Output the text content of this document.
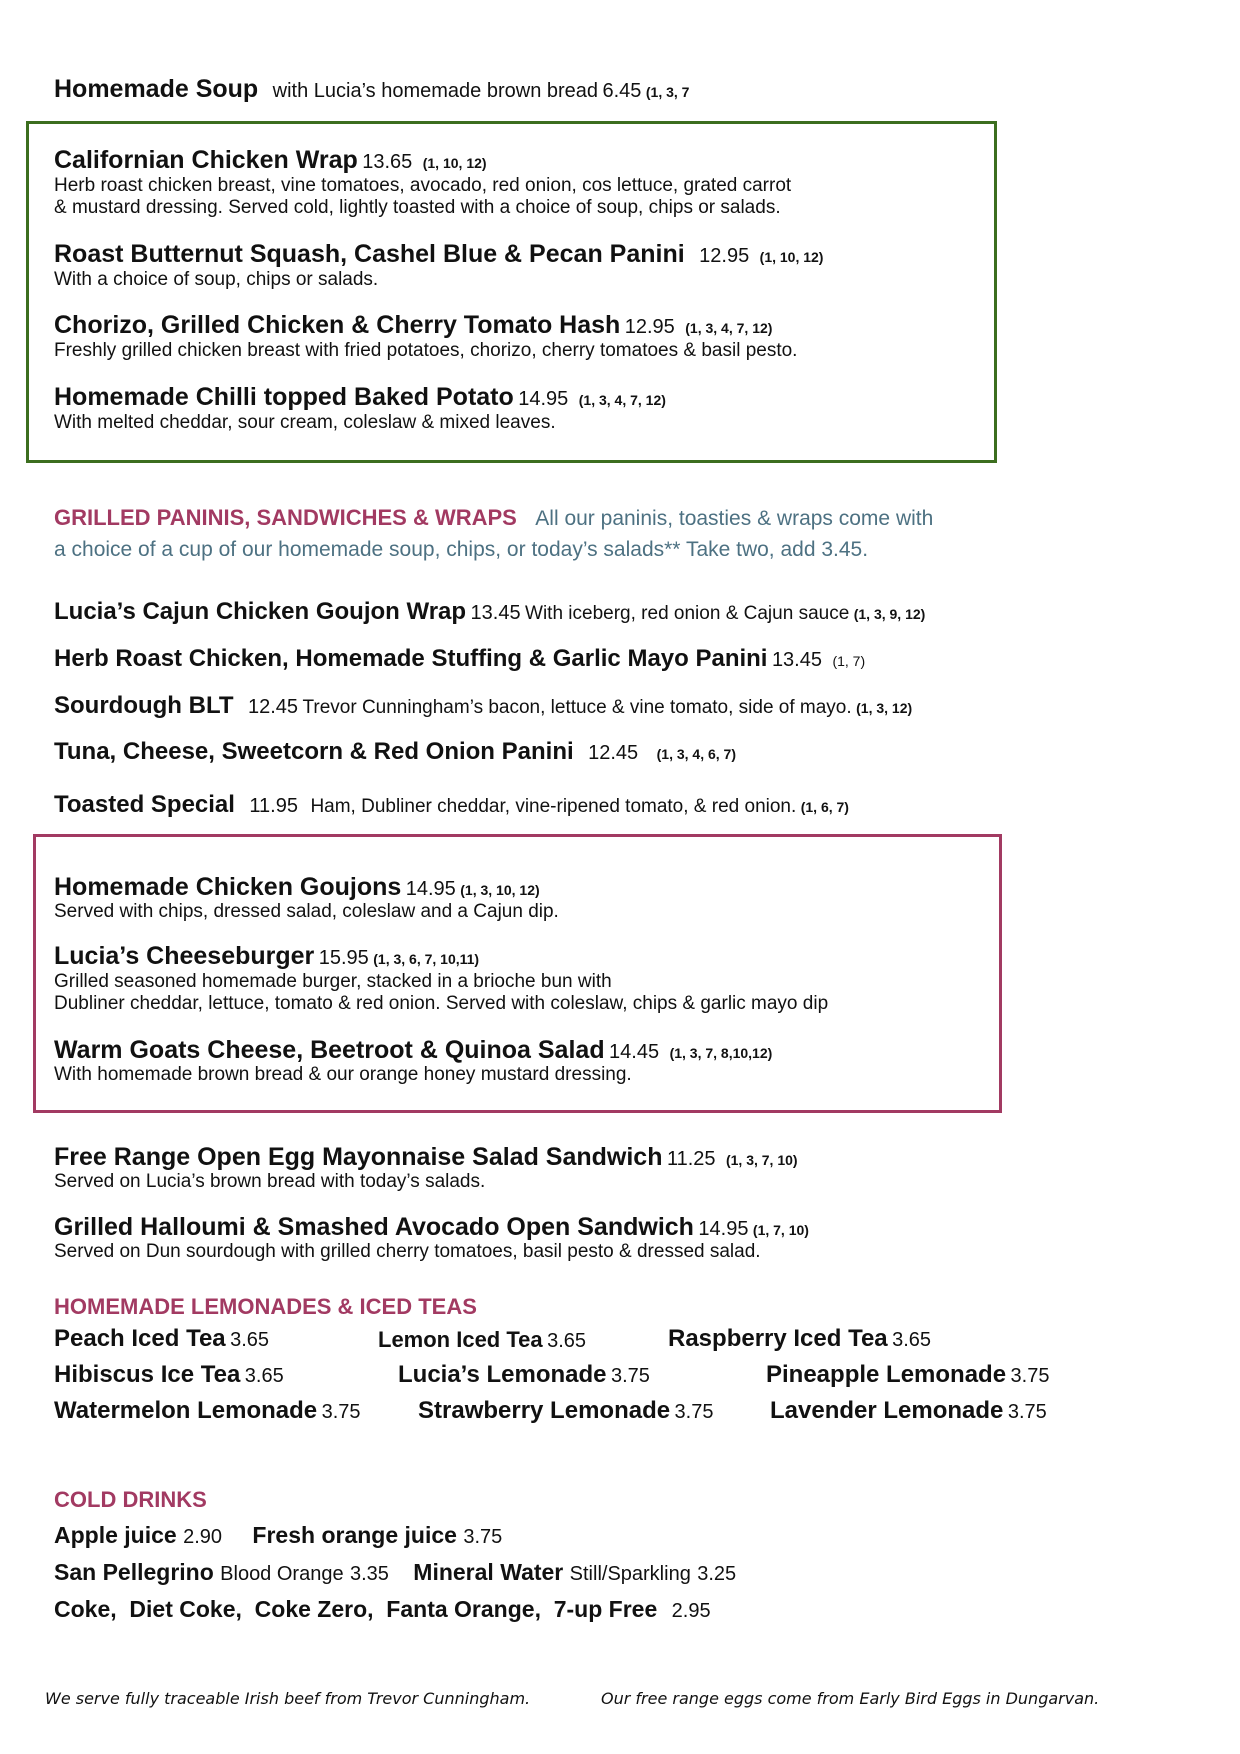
Homemade Soup with Lucia’s homemade brown bread 6.45 (1, 3, 7
Californian Chicken Wrap 13.65 (1, 10, 12)
Herb roast chicken breast, vine tomatoes, avocado, red onion, cos lettuce, grated carrot
& mustard dressing. Served cold, lightly toasted with a choice of soup, chips or salads.
Roast Butternut Squash, Cashel Blue & Pecan Panini 12.95 (1, 10, 12)
With a choice of soup, chips or salads.
Chorizo, Grilled Chicken & Cherry Tomato Hash 12.95 (1, 3, 4, 7, 12)
Freshly grilled chicken breast with fried potatoes, chorizo, cherry tomatoes & basil pesto.
Homemade Chilli topped Baked Potato 14.95 (1, 3, 4, 7, 12)
With melted cheddar, sour cream, coleslaw & mixed leaves.
GRILLED PANINIS, SANDWICHES & WRAPS All our paninis, toasties & wraps come with
a choice of a cup of our homemade soup, chips, or today’s salads** Take two, add 3.45.
Lucia’s Cajun Chicken Goujon Wrap 13.45 With iceberg, red onion & Cajun sauce (1, 3, 9, 12)
Herb Roast Chicken, Homemade Stuffing & Garlic Mayo Panini 13.45 (1, 7)
Sourdough BLT 12.45 Trevor Cunningham’s bacon, lettuce & vine tomato, side of mayo. (1, 3, 12)
Tuna, Cheese, Sweetcorn & Red Onion Panini 12.45 (1, 3, 4, 6, 7)
Toasted Special 11.95 Ham, Dubliner cheddar, vine-ripened tomato, & red onion. (1, 6, 7)
Homemade Chicken Goujons 14.95 (1, 3, 10, 12)
Served with chips, dressed salad, coleslaw and a Cajun dip.
Lucia’s Cheeseburger 15.95 (1, 3, 6, 7, 10,11)
Grilled seasoned homemade burger, stacked in a brioche bun with
Dubliner cheddar, lettuce, tomato & red onion. Served with coleslaw, chips & garlic mayo dip
Warm Goats Cheese, Beetroot & Quinoa Salad 14.45 (1, 3, 7, 8,10,12)
With homemade brown bread & our orange honey mustard dressing.
Free Range Open Egg Mayonnaise Salad Sandwich 11.25 (1, 3, 7, 10)
Served on Lucia’s brown bread with today’s salads.
Grilled Halloumi & Smashed Avocado Open Sandwich 14.95 (1, 7, 10)
Served on Dun sourdough with grilled cherry tomatoes, basil pesto & dressed salad.
HOMEMADE LEMONADES & ICED TEAS
Peach Iced Tea 3.65	Lemon Iced Tea 3.65	Raspberry Iced Tea 3.65
Hibiscus Ice Tea 3.65	Lucia’s Lemonade 3.75	Pineapple Lemonade 3.75
Watermelon Lemonade 3.75 Strawberry Lemonade 3.75 Lavender Lemonade 3.75
COLD DRINKS
Apple juice 2.90 Fresh orange juice 3.75
San Pellegrino Blood Orange 3.35 Mineral Water Still/Sparkling 3.25
Coke,  Diet Coke,  Coke Zero,  Fanta Orange,  7-up Free 2.95
We serve fully traceable Irish beef from Trevor Cunningham.	Our free range eggs come from Early Bird Eggs in Dungarvan.
